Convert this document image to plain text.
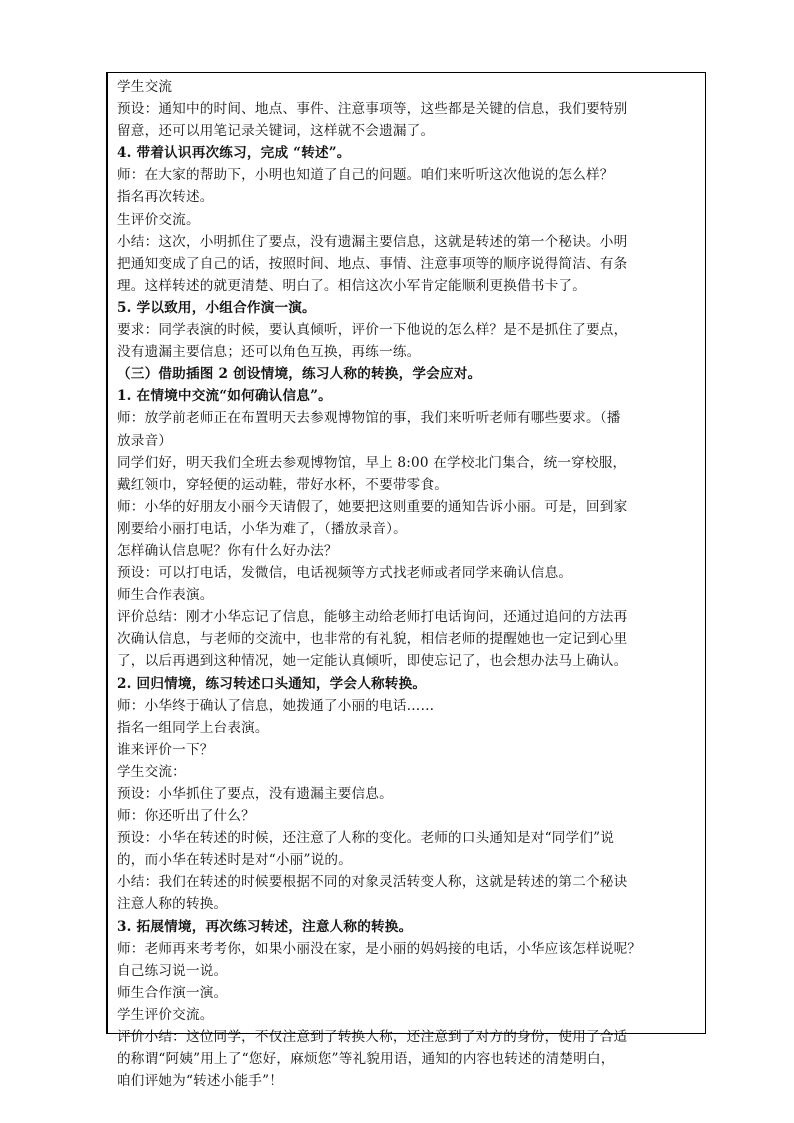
学生交流
预设：通知中的时间、地点、事件、注意事项等，这些都是关键的信息，我们要特别
留意，还可以用笔记录关键词，这样就不会遗漏了。
4. 带着认识再次练习，完成 “转述”。
师：在大家的帮助下，小明也知道了自己的问题。咱们来听听这次他说的怎么样？
指名再次转述。
生评价交流。
小结：这次，小明抓住了要点，没有遗漏主要信息，这就是转述的第一个秘诀。小明
把通知变成了自己的话，按照时间、地点、事情、注意事项等的顺序说得简洁、有条
理。这样转述的就更清楚、明白了。相信这次小军肯定能顺利更换借书卡了。
5. 学以致用，小组合作演一演。
要求：同学表演的时候，要认真倾听，评价一下他说的怎么样？是不是抓住了要点，
没有遗漏主要信息；还可以角色互换，再练一练。
（三）借助插图 2 创设情境，练习人称的转换，学会应对。
1. 在情境中交流“如何确认信息”。
师：放学前老师正在布置明天去参观博物馆的事，我们来听听老师有哪些要求。（播
放录音）
同学们好，明天我们全班去参观博物馆，早上 8:00 在学校北门集合，统一穿校服，
戴红领巾，穿轻便的运动鞋，带好水杯，不要带零食。
师：小华的好朋友小丽今天请假了，她要把这则重要的通知告诉小丽。可是，回到家
刚要给小丽打电话，小华为难了，（播放录音）。
怎样确认信息呢？你有什么好办法？
预设：可以打电话，发微信，电话视频等方式找老师或者同学来确认信息。
师生合作表演。
评价总结：刚才小华忘记了信息，能够主动给老师打电话询问，还通过追问的方法再
次确认信息，与老师的交流中，也非常的有礼貌，相信老师的提醒她也一定记到心里
了，以后再遇到这种情况，她一定能认真倾听，即使忘记了，也会想办法马上确认。
2. 回归情境，练习转述口头通知，学会人称转换。
师：小华终于确认了信息，她拨通了小丽的电话……
指名一组同学上台表演。
谁来评价一下？
学生交流：
预设：小华抓住了要点，没有遗漏主要信息。
师：你还听出了什么？
预设：小华在转述的时候，还注意了人称的变化。老师的口头通知是对“同学们”说
的，而小华在转述时是对“小丽”说的。
小结：我们在转述的时候要根据不同的对象灵活转变人称，这就是转述的第二个秘诀
注意人称的转换。
3. 拓展情境，再次练习转述，注意人称的转换。
师：老师再来考考你，如果小丽没在家，是小丽的妈妈接的电话，小华应该怎样说呢？
自己练习说一说。
师生合作演一演。
学生评价交流。
评价小结：这位同学，不仅注意到了转换人称，还注意到了对方的身份，使用了合适
的称谓“阿姨”用上了“您好，麻烦您”等礼貌用语，通知的内容也转述的清楚明白，
咱们评她为“转述小能手”！
